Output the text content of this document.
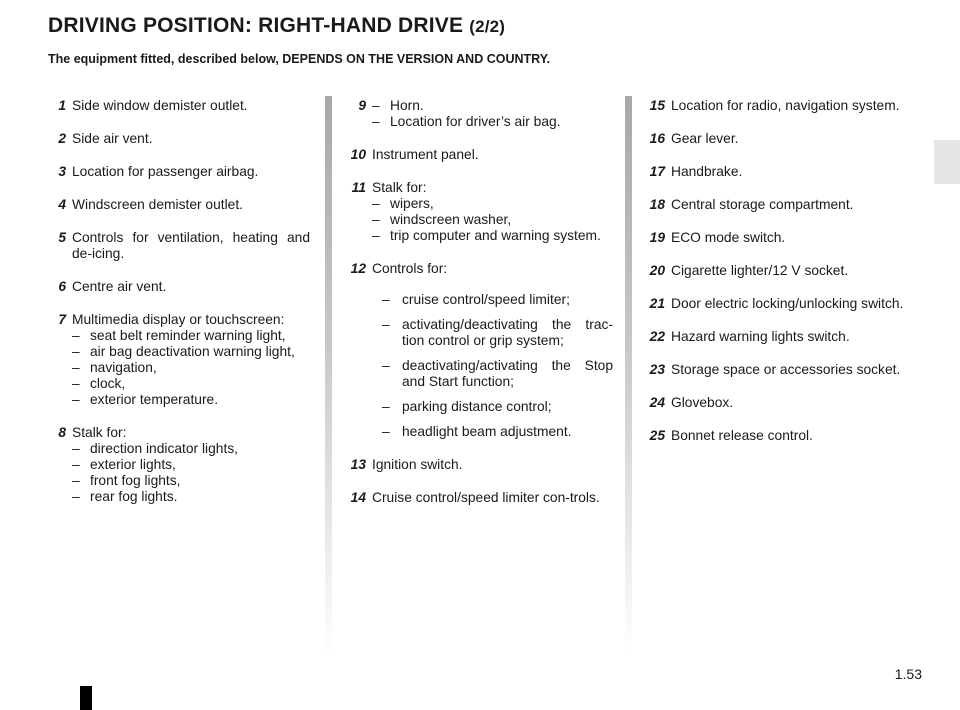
DRIVING POSITION: RIGHT-HAND DRIVE (2/2)
The equipment fitted, described below, DEPENDS ON THE VERSION AND COUNTRY.
1 Side window demister outlet.
2 Side air vent.
3 Location for passenger airbag.
4 Windscreen demister outlet.
5 Controls for ventilation, heating and de-icing.
6 Centre air vent.
7 Multimedia display or touchscreen:
– seat belt reminder warning light,
– air bag deactivation warning light,
– navigation,
– clock,
– exterior temperature.
8 Stalk for:
– direction indicator lights,
– exterior lights,
– front fog lights,
– rear fog lights.
9 – Horn.
– Location for driver’s air bag.
10 Instrument panel.
11 Stalk for:
– wipers,
– windscreen washer,
– trip computer and warning system.
12 Controls for:
– cruise control/speed limiter;
– activating/deactivating the trac-tion control or grip system;
– deactivating/activating the Stop and Start function;
– parking distance control;
– headlight beam adjustment.
13 Ignition switch.
14 Cruise control/speed limiter con-trols.
15 Location for radio, navigation system.
16 Gear lever.
17 Handbrake.
18 Central storage compartment.
19 ECO mode switch.
20 Cigarette lighter/12 V socket.
21 Door electric locking/unlocking switch.
22 Hazard warning lights switch.
23 Storage space or accessories socket.
24 Glovebox.
25 Bonnet release control.
1.53
